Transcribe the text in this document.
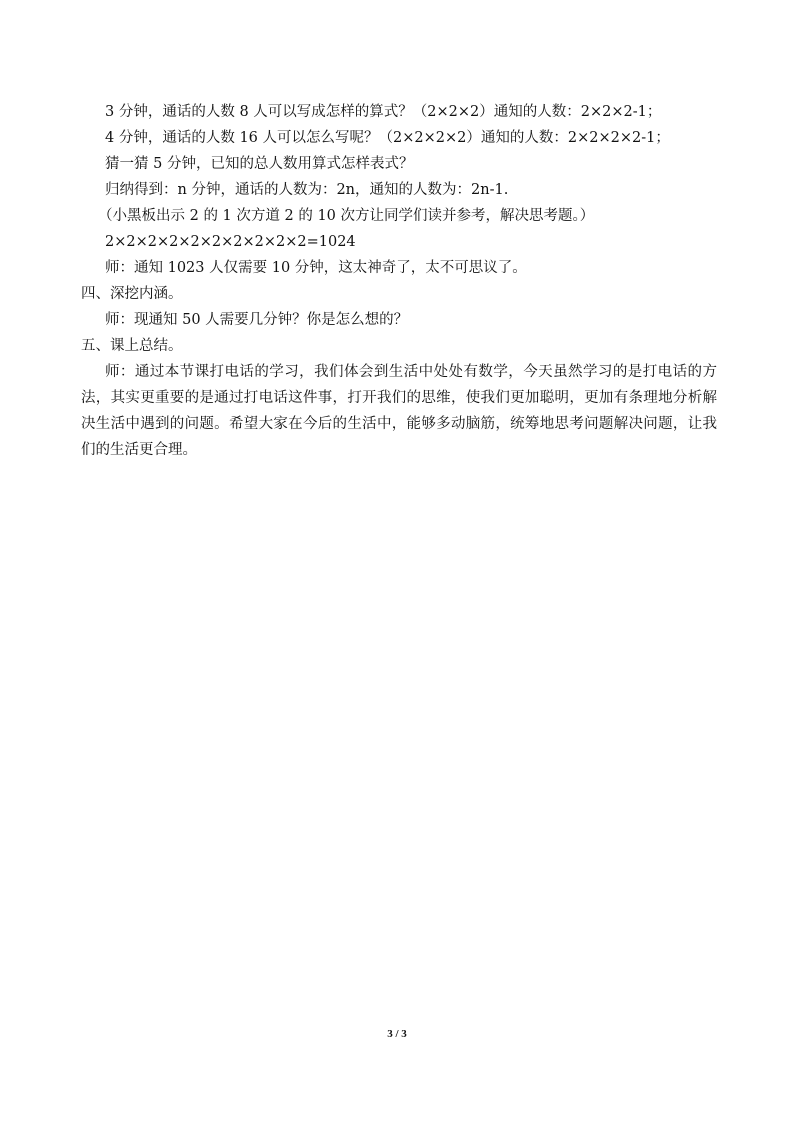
3 分钟，通话的人数 8 人可以写成怎样的算式？（2×2×2）通知的人数：2×2×2-1；

4 分钟，通话的人数 16 人可以怎么写呢？（2×2×2×2）通知的人数：2×2×2×2-1；

猜一猜 5 分钟，已知的总人数用算式怎样表式？

归纳得到：n 分钟，通话的人数为：2n，通知的人数为：2n-1.

（小黑板出示 2 的 1 次方道 2 的 10 次方让同学们读并参考，解决思考题。）

2×2×2×2×2×2×2×2×2×2=1024

师：通知 1023 人仅需要 10 分钟，这太神奇了，太不可思议了。

四、深挖内涵。

师：现通知 50 人需要几分钟？你是怎么想的？

五、课上总结。

师：通过本节课打电话的学习，我们体会到生活中处处有数学，今天虽然学习的是打电话的方法，其实更重要的是通过打电话这件事，打开我们的思维，使我们更加聪明，更加有条理地分析解决生活中遇到的问题。希望大家在今后的生活中，能够多动脑筋，统筹地思考问题解决问题，让我们的生活更合理。

3 / 3
